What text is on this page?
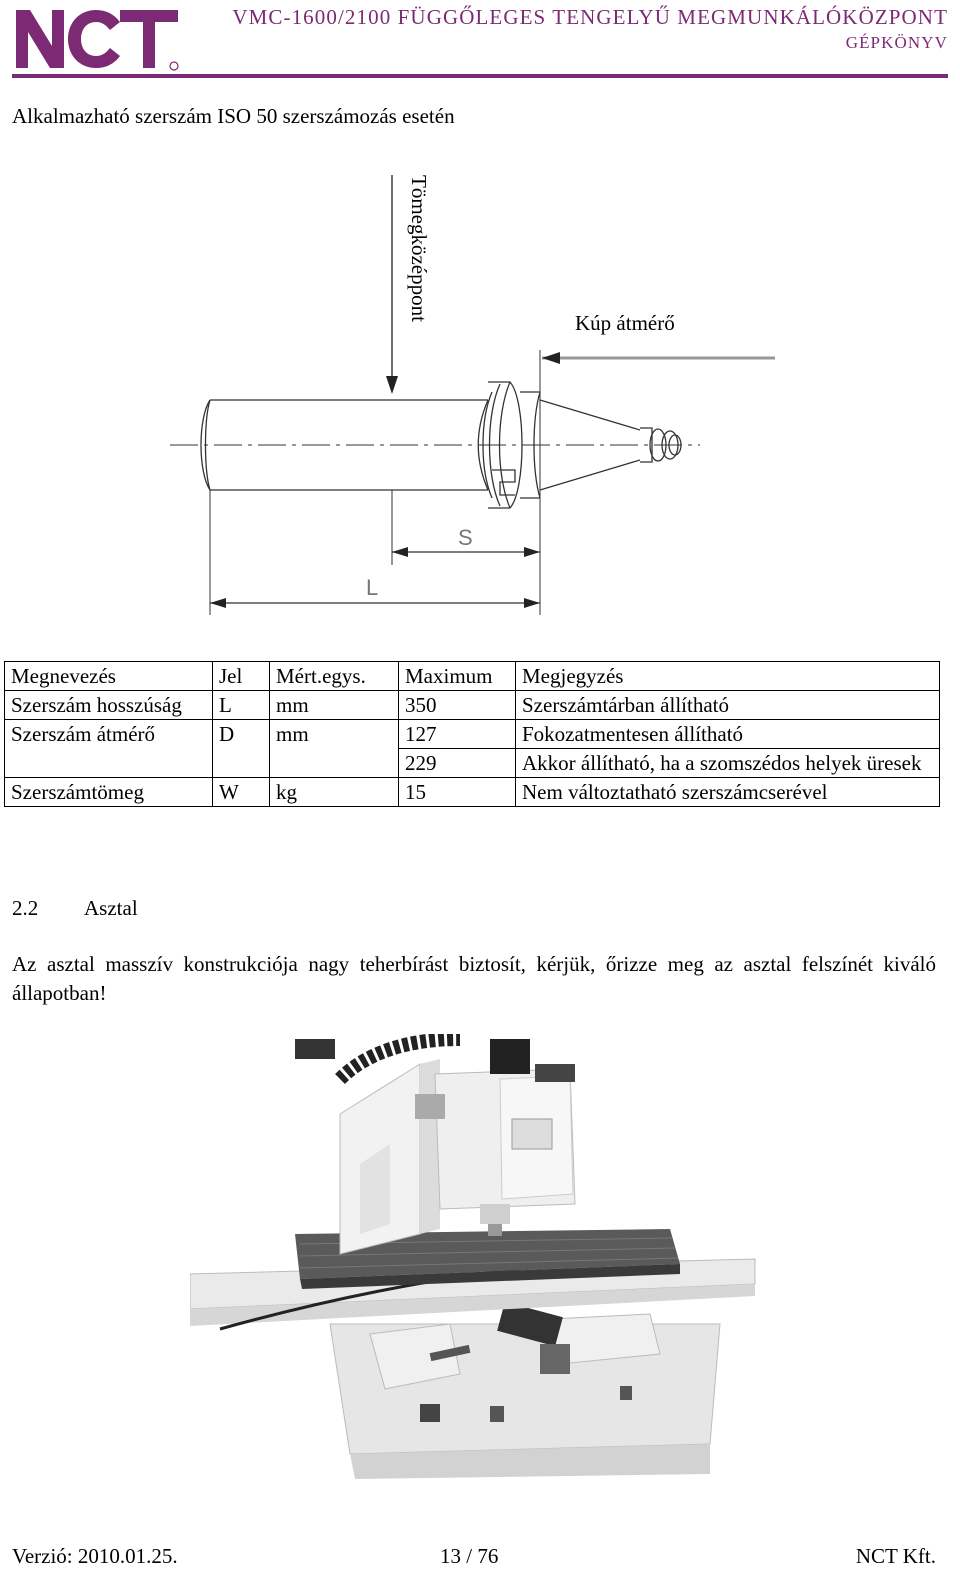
VMC-1600/2100 FÜGGŐLEGES TENGELYŰ MEGMUNKÁLÓKÖZPONT
GÉPKÖNYV
Alkalmazható szerszám ISO 50 szerszámozás esetén
Tömegközéppont
Kúp átmérő
S
L
Megnevezés	Jel	Mért.egys.	Maximum	Megjegyzés
Szerszám hosszúság	L	mm	350	Szerszámtárban állítható
Szerszám átmérő	D	mm	127	Fokozatmentesen állítható
			229	Akkor állítható, ha a szomszédos helyek üresek
Szerszámtömeg	W	kg	15	Nem változtatható szerszámcserével
2.2 Asztal
Az asztal masszív konstrukciója nagy teherbírást biztosít, kérjük, őrizze meg az asztal felszínét kiváló állapotban!
Verzió: 2010.01.25.	13 / 76	NCT Kft.
